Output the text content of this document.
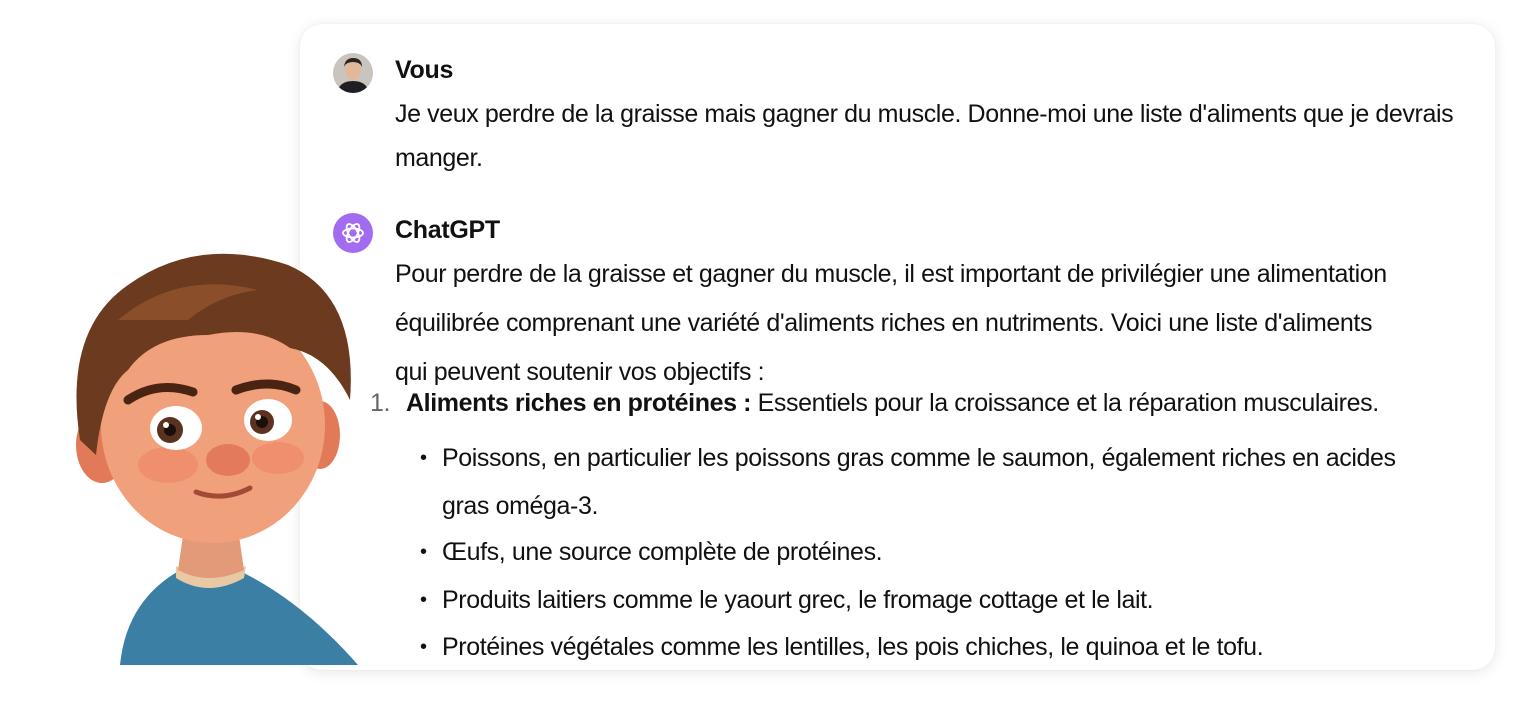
Vous
Je veux perdre de la graisse mais gagner du muscle. Donne-moi une liste d'aliments que je devrais manger.
ChatGPT
Pour perdre de la graisse et gagner du muscle, il est important de privilégier une alimentation équilibrée comprenant une variété d'aliments riches en nutriments. Voici une liste d'aliments qui peuvent soutenir vos objectifs :
1. Aliments riches en protéines : Essentiels pour la croissance et la réparation musculaires.
• Poissons, en particulier les poissons gras comme le saumon, également riches en acides gras oméga-3.
• Œufs, une source complète de protéines.
• Produits laitiers comme le yaourt grec, le fromage cottage et le lait.
• Protéines végétales comme les lentilles, les pois chiches, le quinoa et le tofu.
